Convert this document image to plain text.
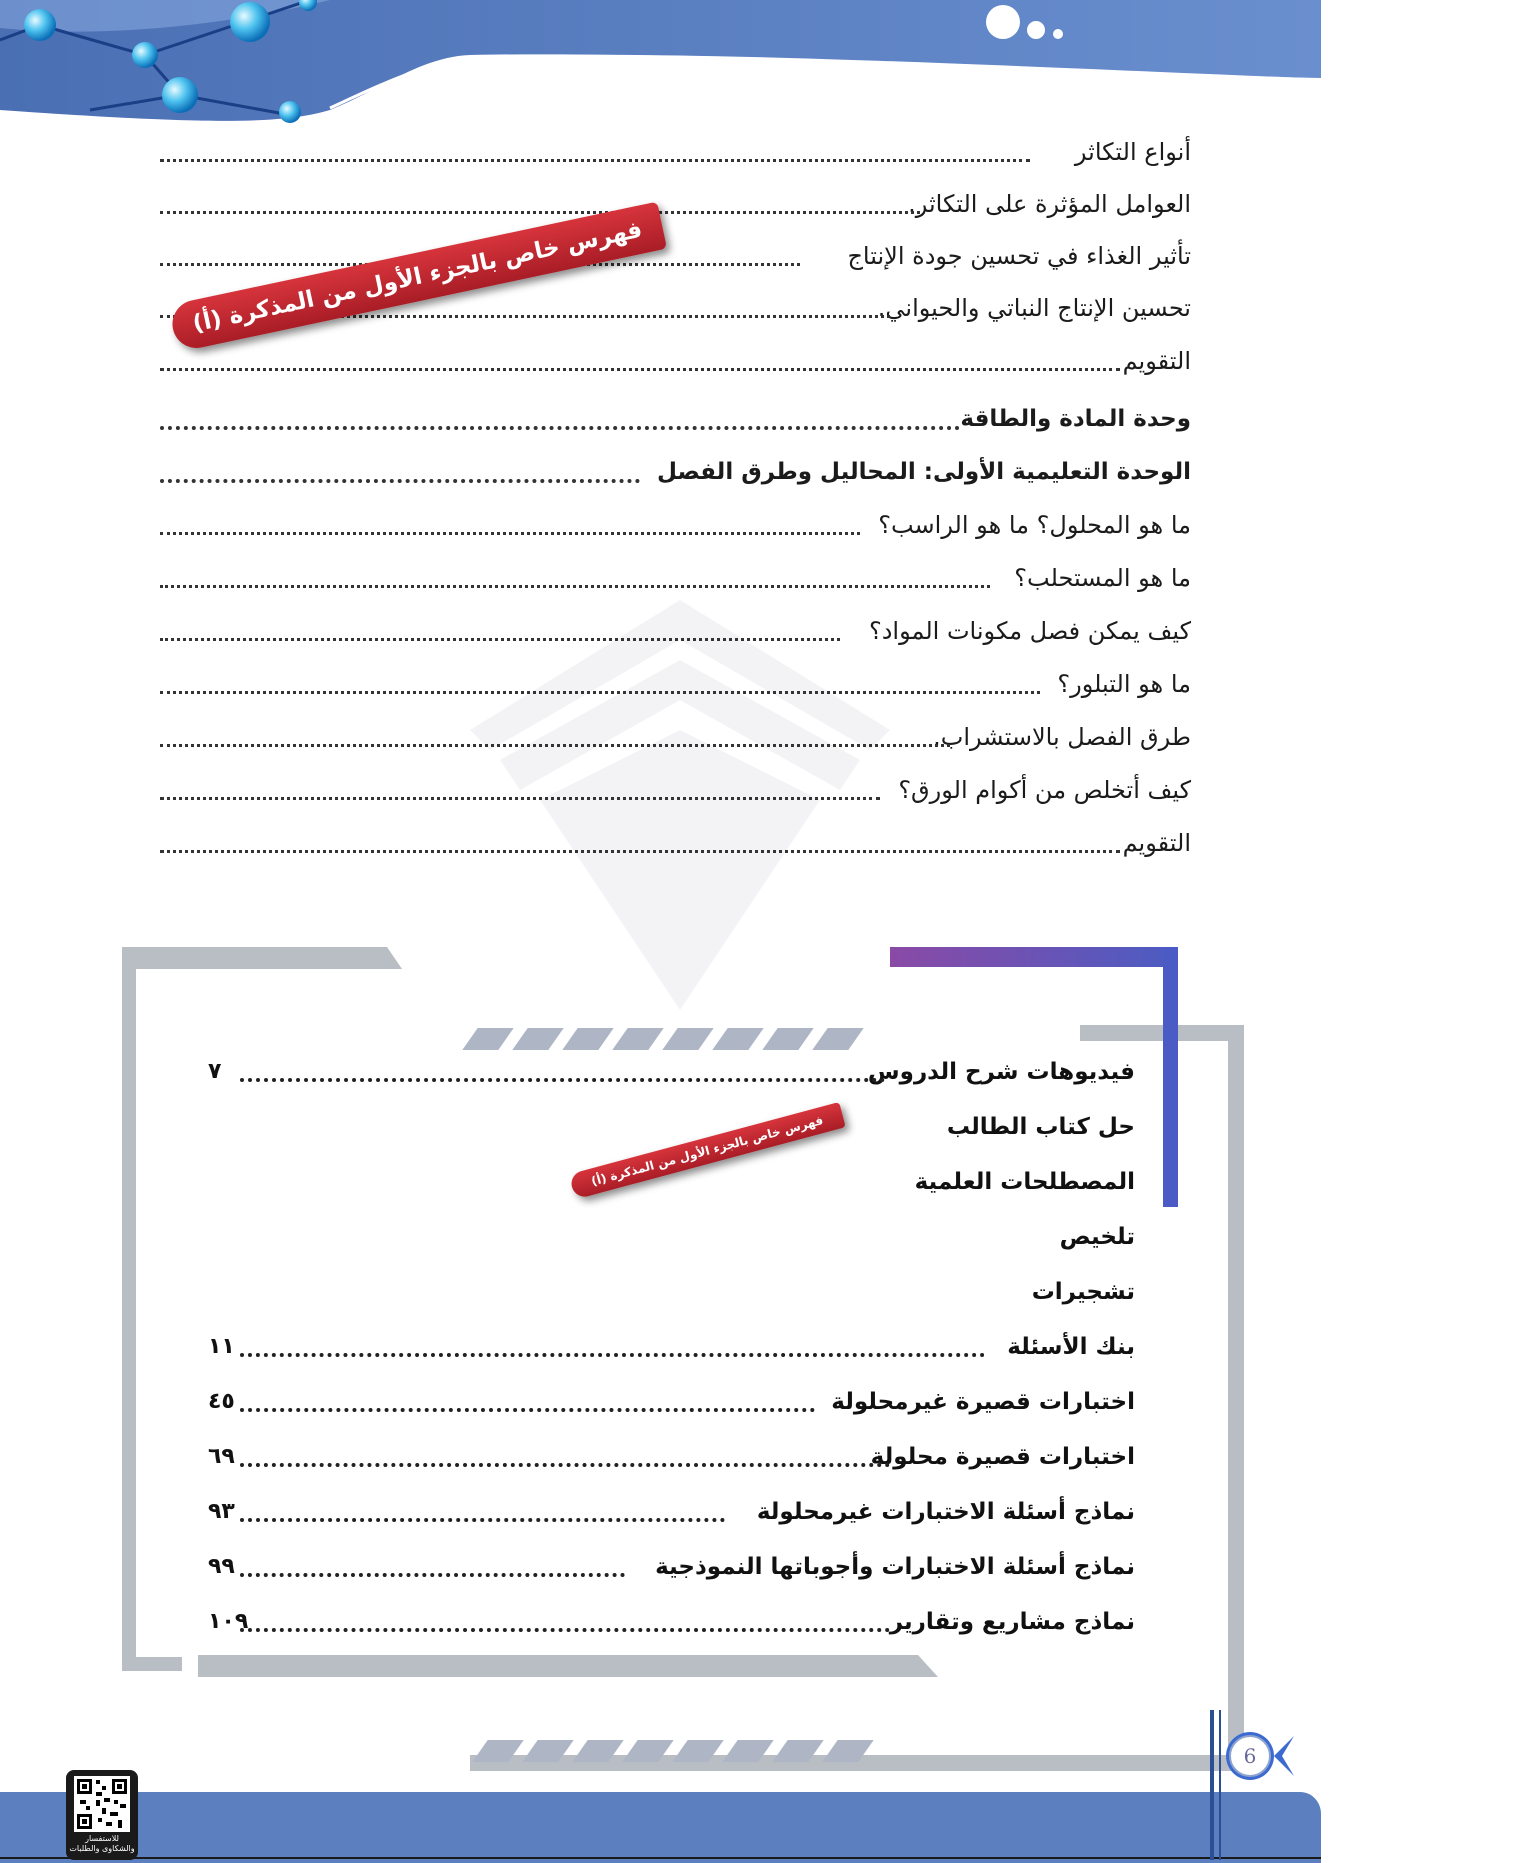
أنواع التكاثر
العوامل المؤثرة على التكاثر.
تأثير الغذاء في تحسين جودة الإنتاج
تحسين الإنتاج النباتي والحيواني.
التقويم
وحدة المادة والطاقة
الوحدة التعليمية الأولى: المحاليل وطرق الفصل
ما هو المحلول؟ ما هو الراسب؟
ما هو المستحلب؟
كيف يمكن فصل مكونات المواد؟
ما هو التبلور؟
طرق الفصل بالاستشراب.
كيف أتخلص من أكوام الورق؟
التقويم
فهرس خاص بالجزء الأول من المذكرة (أ)
فيديوهات شرح الدروس
حل كتاب الطالب
المصطلحات العلمية
تلخيص
تشجيرات
بنك الأسئلة
اختبارات قصيرة غيرمحلولة
اختبارات قصيرة محلولة
نماذج أسئلة الاختبارات غيرمحلولة
نماذج أسئلة الاختبارات وأجوباتها النموذجية
نماذج مشاريع وتقارير
٧
١١
٤٥
٦٩
٩٣
٩٩
١٠٩
فهرس خاص بالجزء الأول من المذكرة (أ)
6
للاستفسار والشكاوى والطلبات
